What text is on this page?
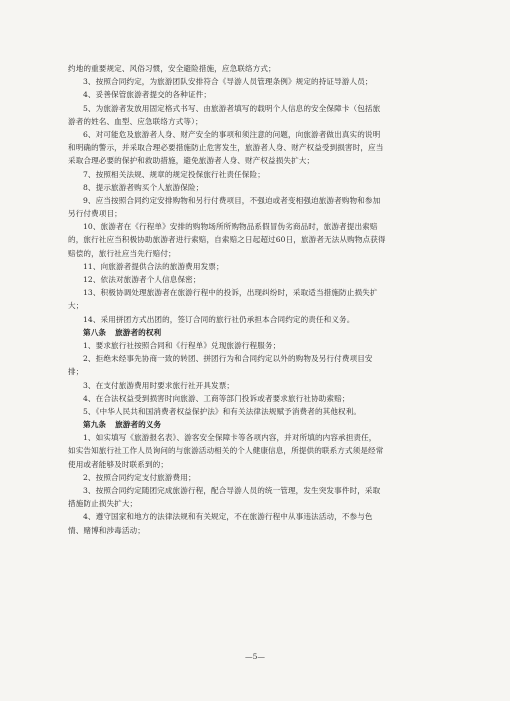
约地的重要规定、风俗习惯，安全避险措施，应急联络方式；
3、按照合同约定，为旅游团队安排符合《导游人员管理条例》规定的持证导游人员；
4、妥善保管旅游者提交的各种证件；
5、为旅游者发放用固定格式书写、由旅游者填写的载明个人信息的安全保障卡（包括旅
游者的姓名、血型、应急联络方式等）；
6、对可能危及旅游者人身、财产安全的事项和须注意的问题，向旅游者做出真实的说明
和明确的警示，并采取合理必要措施防止危害发生，旅游者人身、财产权益受到损害时，应当
采取合理必要的保护和救助措施，避免旅游者人身、财产权益损失扩大；
7、按照相关法规、规章的规定投保旅行社责任保险；
8、提示旅游者购买个人旅游保险；
9、应当按照合同约定安排购物和另行付费项目，不强迫或者变相强迫旅游者购物和参加
另行付费项目；
10、旅游者在《行程单》安排的购物场所所购物品系假冒伪劣商品时，旅游者提出索赔
的，旅行社应当积极协助旅游者进行索赔，自索赔之日起超过60日，旅游者无法从购物点获得
赔偿的，旅行社应当先行赔付；
11、向旅游者提供合法的旅游费用发票；
12、依法对旅游者个人信息保密；
13、积极协调处理旅游者在旅游行程中的投诉，出现纠纷时，采取适当措施防止损失扩
大；
14、采用拼团方式出团的，签订合同的旅行社仍承担本合同约定的责任和义务。
第八条 旅游者的权利
1、要求旅行社按照合同和《行程单》兑现旅游行程服务；
2、拒绝未经事先协商一致的转团、拼团行为和合同约定以外的购物及另行付费项目安
排；
3、在支付旅游费用时要求旅行社开具发票；
4、在合法权益受到损害时向旅游、工商等部门投诉或者要求旅行社协助索赔；
5、《中华人民共和国消费者权益保护法》和有关法律法规赋予消费者的其他权利。
第九条 旅游者的义务
1、如实填写《旅游报名表》、游客安全保障卡等各项内容，并对所填的内容承担责任，
如实告知旅行社工作人员询问的与旅游活动相关的个人健康信息，所提供的联系方式须是经常
使用或者能够及时联系到的；
2、按照合同约定支付旅游费用；
3、按照合同约定随团完成旅游行程，配合导游人员的统一管理，发生突发事件时，采取
措施防止损失扩大；
4、遵守国家和地方的法律法规和有关规定，不在旅游行程中从事违法活动，不参与色
情、赌博和涉毒活动；
—5—
